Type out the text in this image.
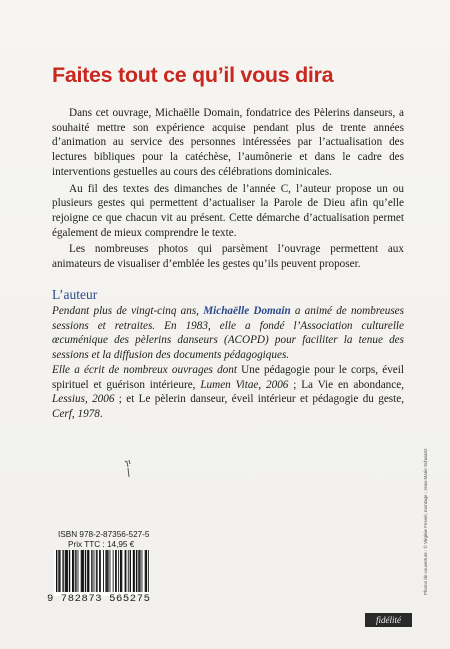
Faites tout ce qu’il vous dira

Dans cet ouvrage, Michaëlle Domain, fondatrice des Pèlerins danseurs, a souhaité mettre son expérience acquise pendant plus de trente années d’animation au service des personnes intéressées par l’actualisation des lectures bibliques pour la catéchèse, l’aumônerie et dans le cadre des interventions gestuelles au cours des célébrations dominicales.

Au fil des textes des dimanches de l’année C, l’auteur propose un ou plusieurs gestes qui permettent d’actualiser la Parole de Dieu afin qu’elle rejoigne ce que chacun vit au présent. Cette démarche d’actualisation permet également de mieux comprendre le texte.

Les nombreuses photos qui parsèment l’ouvrage permettent aux animateurs de visualiser d’emblée les gestes qu’ils peuvent proposer.

L’auteur

Pendant plus de vingt-cinq ans, Michaëlle Domain a animé de nombreuses sessions et retraites. En 1983, elle a fondé l’Association culturelle œcuménique des pèlerins danseurs (ACOPD) pour faciliter la tenue des sessions et la diffusion des documents pédagogiques.

Elle a écrit de nombreux ouvrages dont Une pédagogie pour le corps, éveil spirituel et guérison intérieure, Lumen Vitae, 2006 ; La Vie en abondance, Lessius, 2006 ; et Le pèlerin danseur, éveil intérieur et pédagogie du geste, Cerf, 1978.

ISBN 978-2-87356-527-5
Prix TTC : 14,95 €
9 782873 565275
Photos de couverture : © Virginie Fessel, montage : Jean-Marie Schwartz
fidélité
